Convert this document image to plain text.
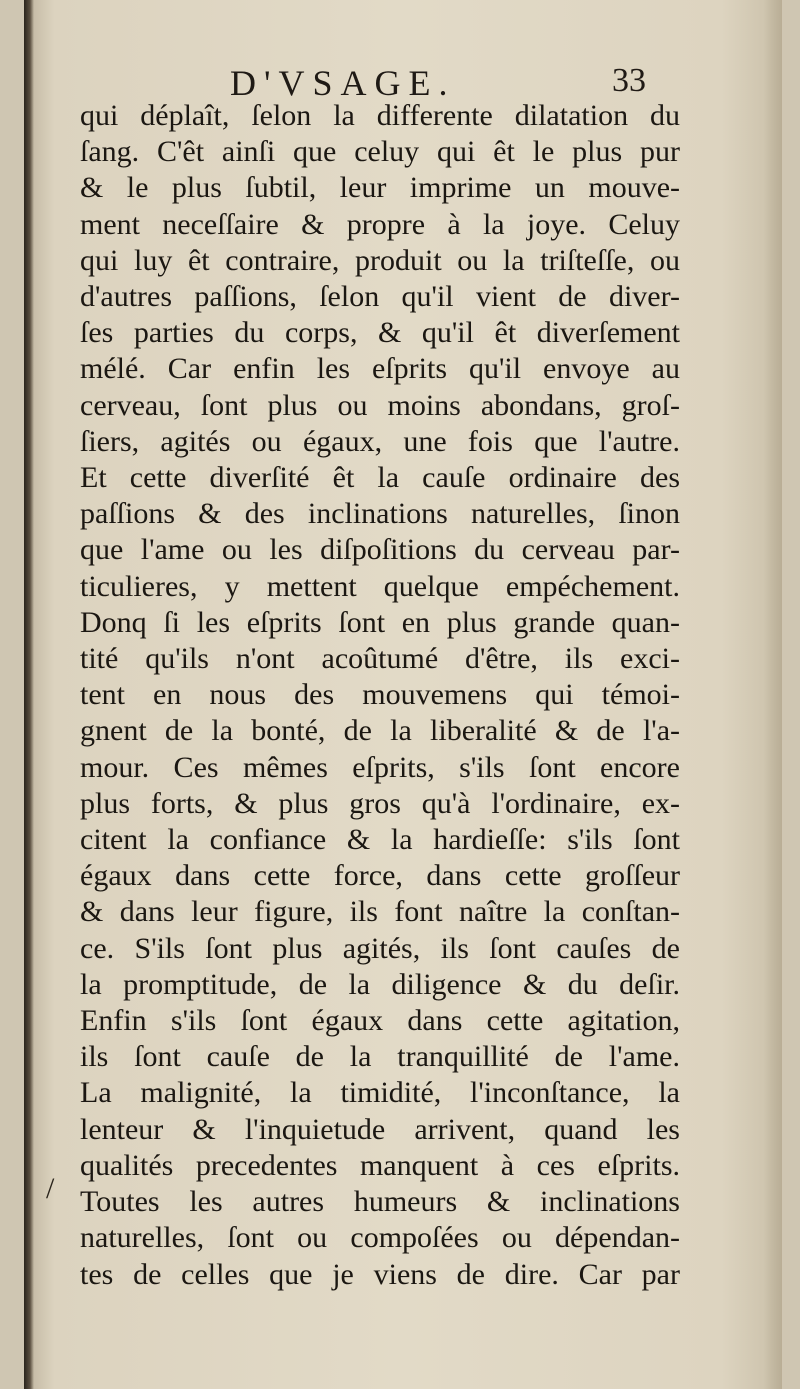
D'VSAGE.	33
qui déplaît, ſelon la differente dilatation du
ſang. C'êt ainſi que celuy qui êt le plus pur
& le plus ſubtil, leur imprime un mouve-
ment neceſſaire & propre à la joye. Celuy
qui luy êt contraire, produit ou la triſteſſe, ou
d'autres paſſions, ſelon qu'il vient de diver-
ſes parties du corps, & qu'il êt diverſement
mélé. Car enfin les eſprits qu'il envoye au
cerveau, ſont plus ou moins abondans, groſ-
ſiers, agités ou égaux, une fois que l'autre.
Et cette diverſité êt la cauſe ordinaire des
paſſions & des inclinations naturelles, ſinon
que l'ame ou les diſpoſitions du cerveau par-
ticulieres, y mettent quelque empéchement.
Donq ſi les eſprits ſont en plus grande quan-
tité qu'ils n'ont acoûtumé d'être, ils exci-
tent en nous des mouvemens qui témoi-
gnent de la bonté, de la liberalité & de l'a-
mour. Ces mêmes eſprits, s'ils ſont encore
plus forts, & plus gros qu'à l'ordinaire, ex-
citent la confiance & la hardieſſe: s'ils ſont
égaux dans cette force, dans cette groſſeur
& dans leur figure, ils font naître la conſtan-
ce. S'ils ſont plus agités, ils ſont cauſes de
la promptitude, de la diligence & du deſir.
Enfin s'ils ſont égaux dans cette agitation,
ils ſont cauſe de la tranquillité de l'ame.
La malignité, la timidité, l'inconſtance, la
lenteur & l'inquietude arrivent, quand les
qualités precedentes manquent à ces eſprits.
Toutes les autres humeurs & inclinations
naturelles, ſont ou compoſées ou dépendan-
tes de celles que je viens de dire. Car par
/
